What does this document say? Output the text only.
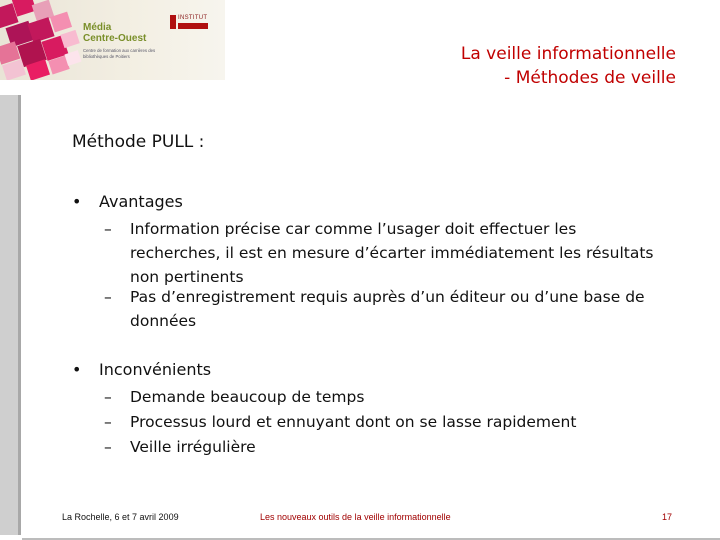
Média
Centre-Ouest
Centre de formation aux carrières des bibliothèques de Poitiers
INSTITUT
La veille informationnelle
- Méthodes de veille
Méthode PULL :
• Avantages
– Information précise car comme l’usager doit effectuer les recherches, il est en mesure d’écarter immédiatement les résultats non pertinents
– Pas d’enregistrement requis auprès d’un éditeur ou d’une base de données
• Inconvénients
– Demande beaucoup de temps
– Processus lourd et ennuyant dont on se lasse rapidement
– Veille irrégulière
La Rochelle, 6 et 7 avril 2009	Les nouveaux outils de la veille informationnelle	17
